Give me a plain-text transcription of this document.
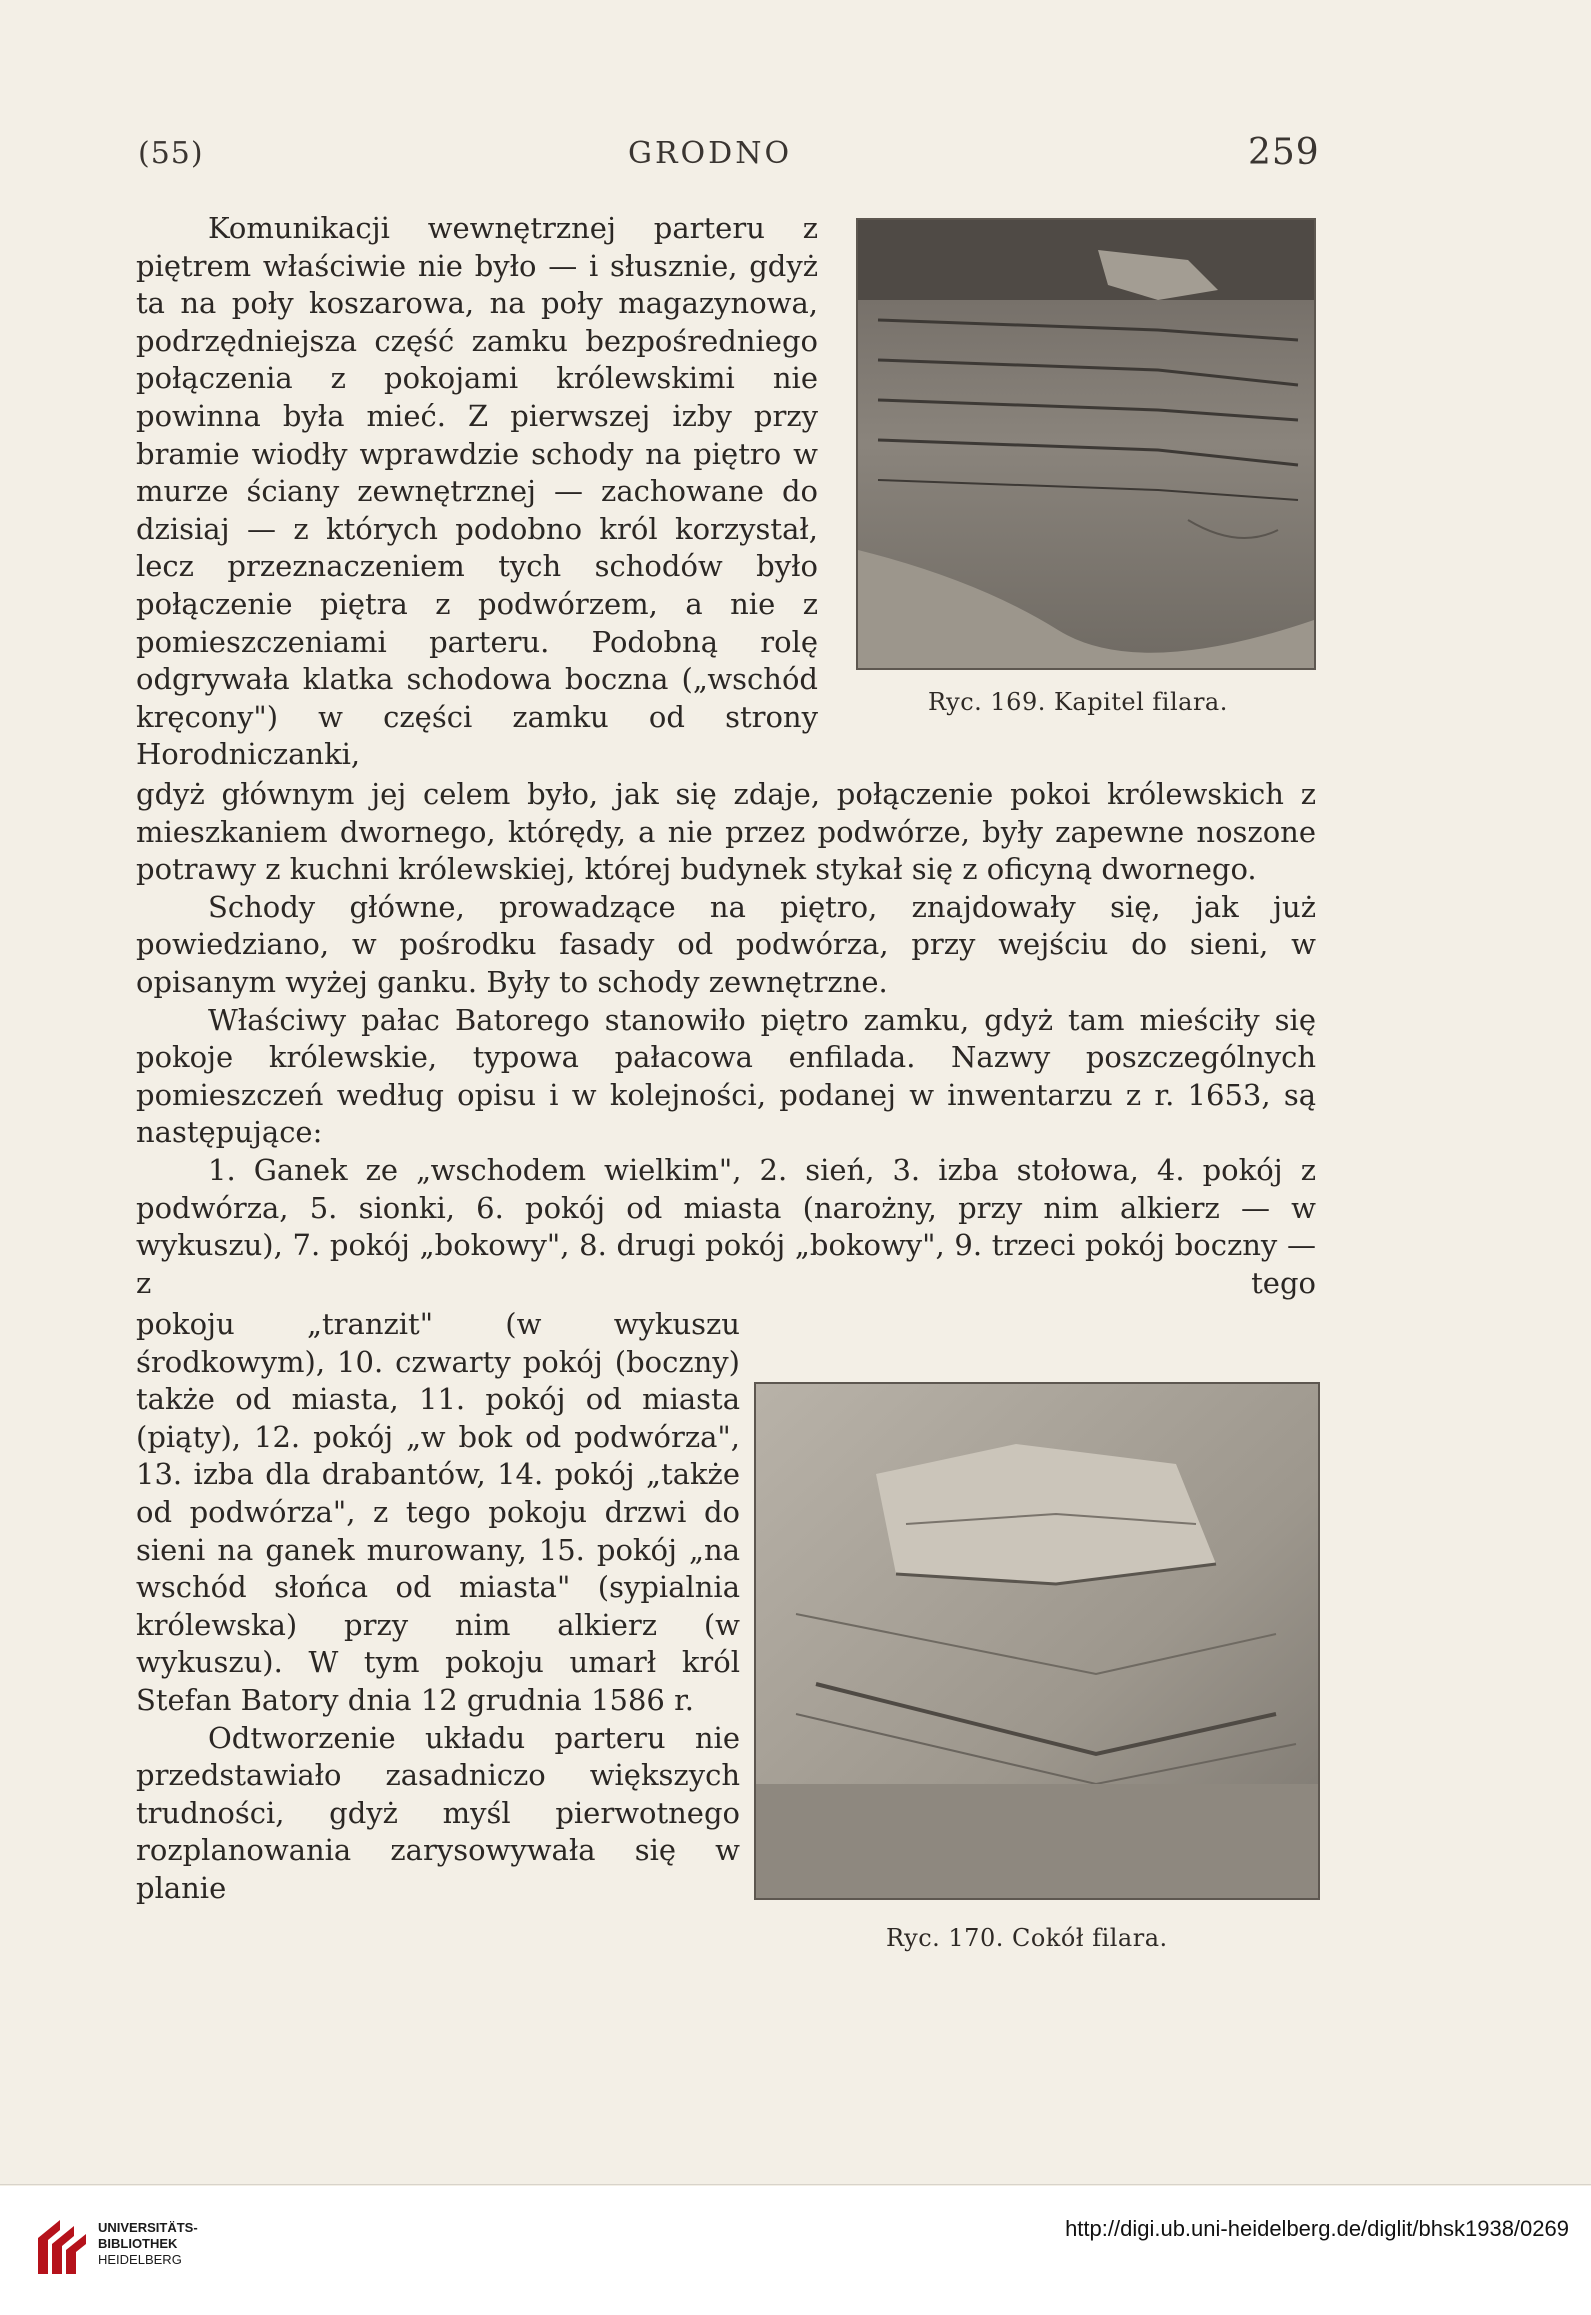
(55)	GRODNO	259

Komunikacji wewnętrznej parteru z piętrem właściwie nie było — i słusznie, gdyż ta na poły koszarowa, na poły magazynowa, podrzędniejsza część zamku bezpośredniego połączenia z pokojami królewskimi nie powinna była mieć. Z pierwszej izby przy bramie wiodły wprawdzie schody na piętro w murze ściany zewnętrznej — zachowane do dzisiaj — z których podobno król korzystał, lecz przeznaczeniem tych schodów było połączenie piętra z podwórzem, a nie z pomieszczeniami parteru. Podobną rolę odgrywała klatka schodowa boczna („wschód kręcony") w części zamku od strony Horodniczanki,

Ryc. 169. Kapitel filara.

gdyż głównym jej celem było, jak się zdaje, połączenie pokoi królewskich z mieszkaniem dwornego, którędy, a nie przez podwórze, były zapewne noszone potrawy z kuchni królewskiej, której budynek stykał się z oficyną dwornego.

Schody główne, prowadzące na piętro, znajdowały się, jak już powiedziano, w pośrodku fasady od podwórza, przy wejściu do sieni, w opisanym wyżej ganku. Były to schody zewnętrzne.

Właściwy pałac Batorego stanowiło piętro zamku, gdyż tam mieściły się pokoje królewskie, typowa pałacowa enfilada. Nazwy poszczególnych pomieszczeń według opisu i w kolejności, podanej w inwentarzu z r. 1653, są następujące:

1. Ganek ze „wschodem wielkim", 2. sień, 3. izba stołowa, 4. pokój z podwórza, 5. sionki, 6. pokój od miasta (narożny, przy nim alkierz — w wykuszu), 7. pokój „bokowy", 8. drugi pokój „bokowy", 9. trzeci pokój boczny — z tego

pokoju „tranzit" (w wykuszu środkowym), 10. czwarty pokój (boczny) także od miasta, 11. pokój od miasta (piąty), 12. pokój „w bok od podwórza", 13. izba dla drabantów, 14. pokój „także od podwórza", z tego pokoju drzwi do sieni na ganek murowany, 15. pokój „na wschód słońca od miasta" (sypialnia królewska) przy nim alkierz (w wykuszu). W tym pokoju umarł król Stefan Batory dnia 12 grudnia 1586 r.

Odtworzenie układu parteru nie przedstawiało zasadniczo większych trudności, gdyż myśl pierwotnego rozplanowania zarysowywała się w planie

Ryc. 170. Cokół filara.
UNIVERSITÄTS-
BIBLIOTHEK
HEIDELBERG
http://digi.ub.uni-heidelberg.de/diglit/bhsk1938/0269
